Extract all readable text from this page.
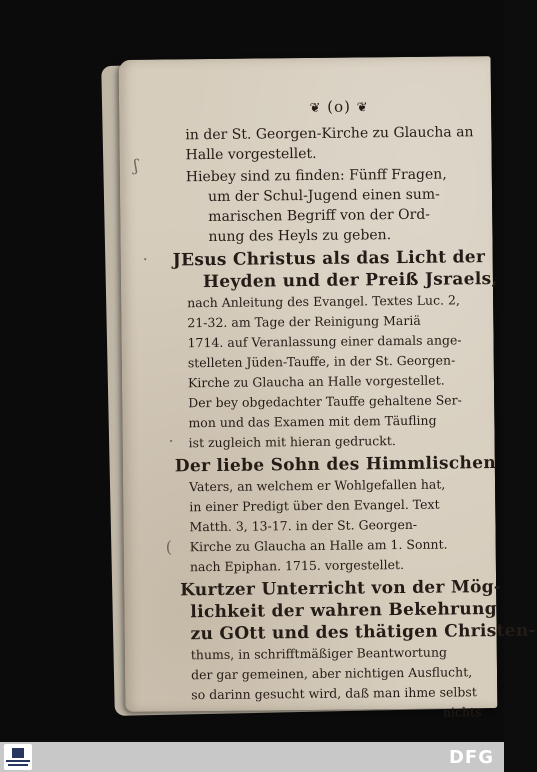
❦ (o) ❦
ʃ
·
·
(
in der St. Georgen-Kirche zu Glaucha an
Halle vorgestellet.
Hiebey sind zu finden: Fünff Fragen,
um der Schul-Jugend einen sum-
marischen Begriff von der Ord-
nung des Heyls zu geben.
JEsus Christus als das Licht der
Heyden und der Preiß Jsraels,
nach Anleitung des Evangel. Textes Luc. 2,
21-32. am Tage der Reinigung Mariä
1714. auf Veranlassung einer damals ange-
stelleten Jüden-Tauffe, in der St. Georgen-
Kirche zu Glaucha an Halle vorgestellet.
Der bey obgedachter Tauffe gehaltene Ser-
mon und das Examen mit dem Täufling
ist zugleich mit hieran gedruckt.
Der liebe Sohn des Himmlischen
Vaters, an welchem er Wohlgefallen hat,
in einer Predigt über den Evangel. Text
Matth. 3, 13-17. in der St. Georgen-
Kirche zu Glaucha an Halle am 1. Sonnt.
nach Epiphan. 1715. vorgestellet.
Kurtzer Unterricht von der Mög-
lichkeit der wahren Bekehrung
zu GOtt und des thätigen Christen-
thums, in schrifftmäßiger Beantwortung
der gar gemeinen, aber nichtigen Ausflucht,
so darinn gesucht wird, daß man ihme selbst
nichts
DFG
